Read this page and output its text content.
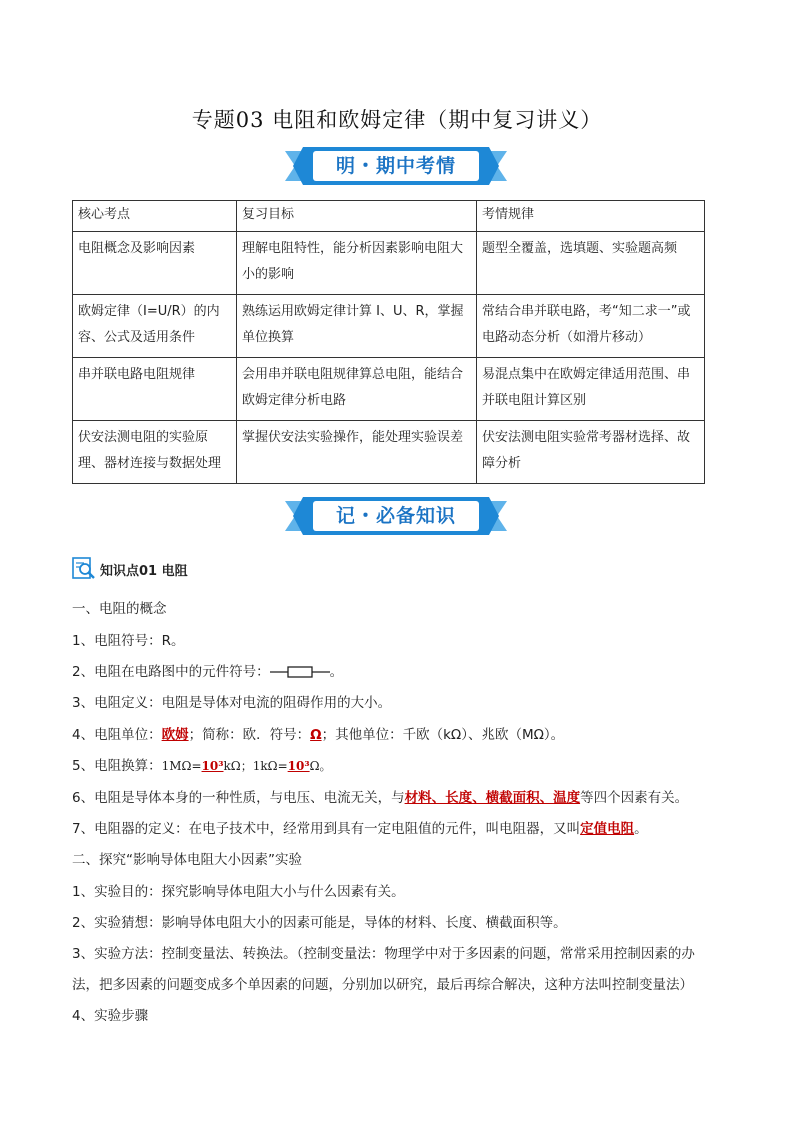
专题03 电阻和欧姆定律（期中复习讲义）
明・期中考情
核心考点	复习目标	考情规律
电阻概念及影响因素	理解电阻特性，能分析因素影响电阻大小的影响	题型全覆盖，选填题、实验题高频
欧姆定律（I=U/R）的内容、公式及适用条件	熟练运用欧姆定律计算 I、U、R，掌握单位换算	常结合串并联电路，考“知二求一”或电路动态分析（如滑片移动）
串并联电路电阻规律	会用串并联电阻规律算总电阻，能结合欧姆定律分析电路	易混点集中在欧姆定律适用范围、串并联电阻计算区别
伏安法测电阻的实验原理、器材连接与数据处理	掌握伏安法实验操作，能处理实验误差	伏安法测电阻实验常考器材选择、故障分析
记・必备知识
知识点01 电阻
一、电阻的概念
1、电阻符号：R。
2、电阻在电路图中的元件符号：	。
3、电阻定义：电阻是导体对电流的阻碍作用的大小。
4、电阻单位：欧姆；简称：欧．符号：Ω；其他单位：千欧（kΩ）、兆欧（MΩ）。
5、电阻换算：1MΩ=10³kΩ；1kΩ=10³Ω。
6、电阻是导体本身的一种性质，与电压、电流无关，与材料、长度、横截面积、温度等四个因素有关。
7、电阻器的定义：在电子技术中，经常用到具有一定电阻值的元件，叫电阻器，又叫定值电阻。
二、探究“影响导体电阻大小因素”实验
1、实验目的：探究影响导体电阻大小与什么因素有关。
2、实验猜想：影响导体电阻大小的因素可能是，导体的材料、长度、横截面积等。
3、实验方法：控制变量法、转换法。（控制变量法：物理学中对于多因素的问题，常常采用控制因素的办
法，把多因素的问题变成多个单因素的问题，分别加以研究，最后再综合解决，这种方法叫控制变量法）
4、实验步骤
